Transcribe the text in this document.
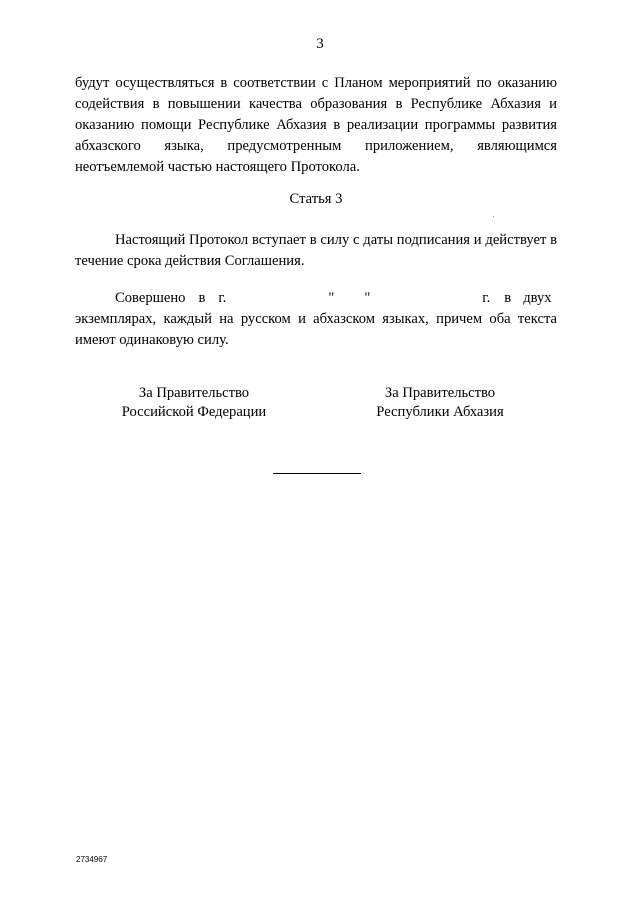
3
будут осуществляться в соответствии с Планом мероприятий по оказанию
содействия в повышении качества образования в Республике Абхазия и
оказанию помощи Республике Абхазия в реализации программы развития
абхазского языка, предусмотренным приложением, являющимся
неотъемлемой частью настоящего Протокола.
Статья 3
Настоящий Протокол вступает в силу с даты подписания и действует в течение срока действия Соглашения.
Совершено в г.	" "	г. в двух
экземплярах, каждый на русском и абхазском языках, причем оба текста имеют одинаковую силу.
За Правительство
Российской Федерации
За Правительство
Республики Абхазия
2734967
